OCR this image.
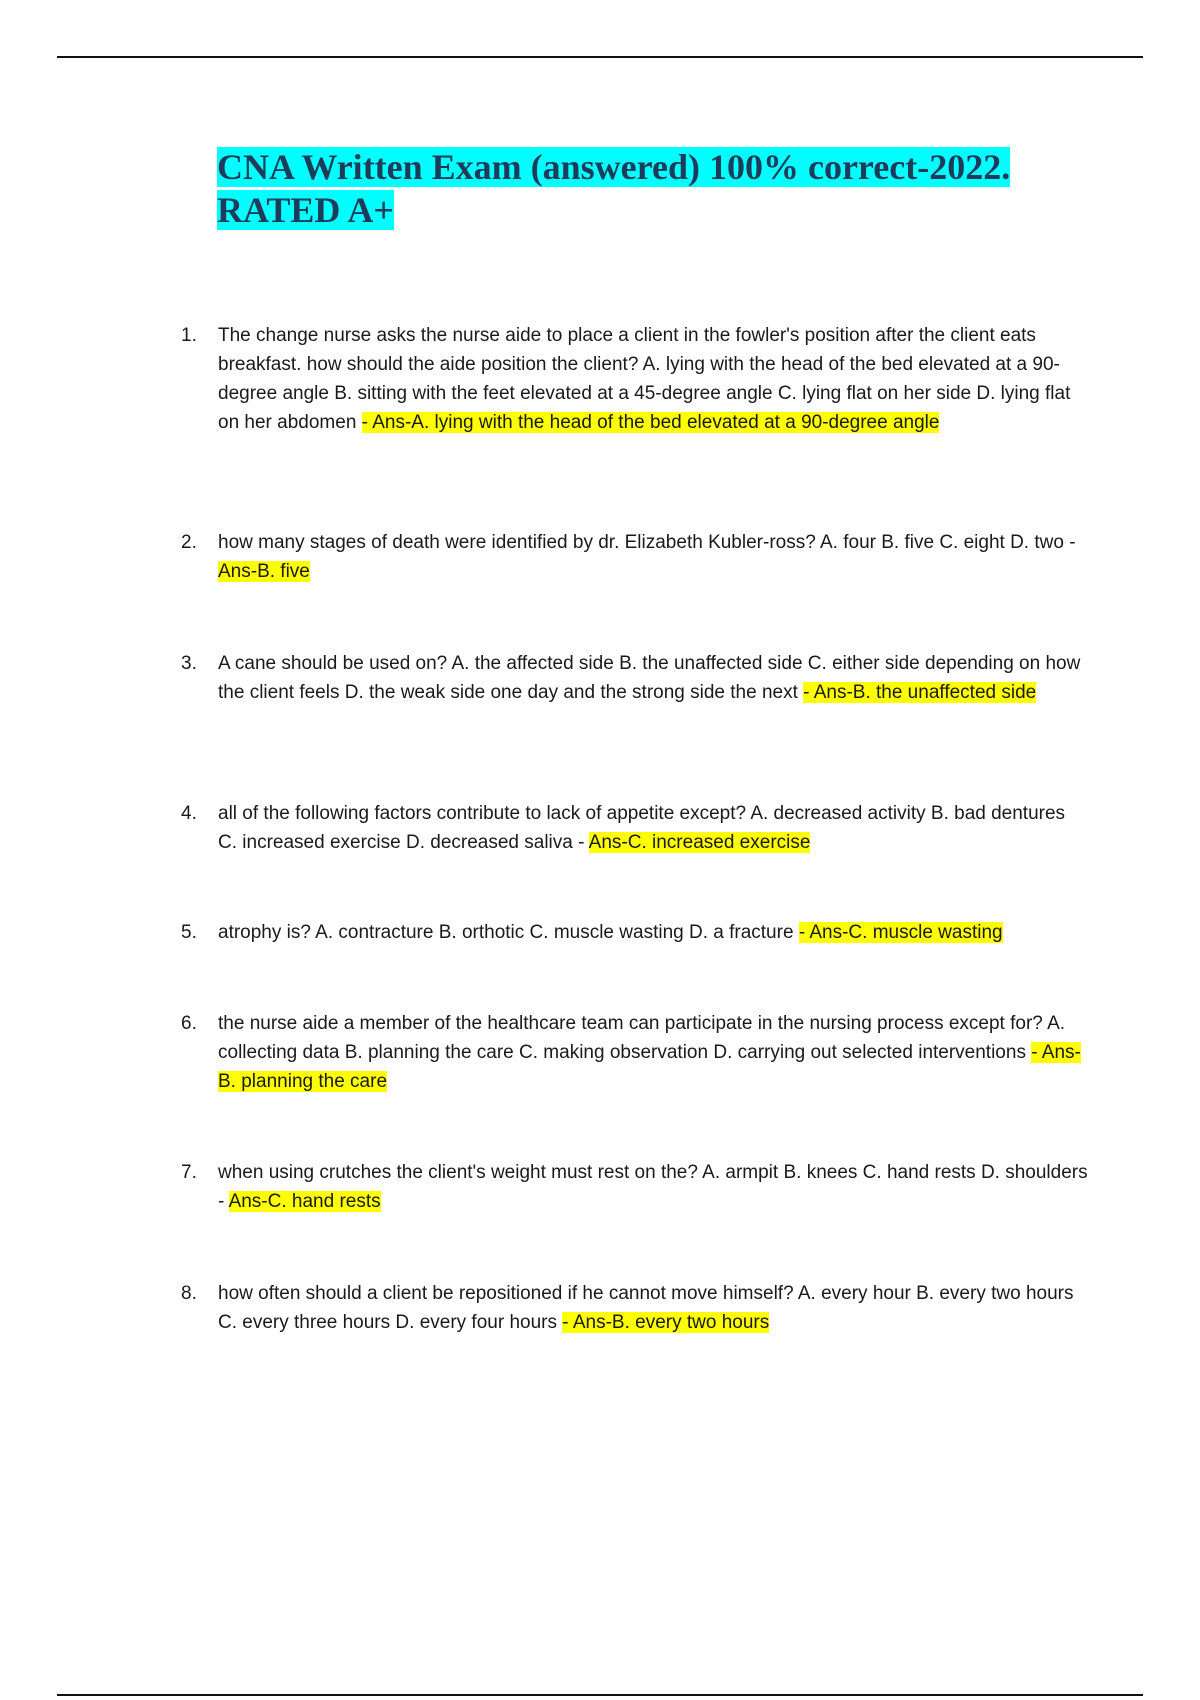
CNA Written Exam (answered) 100% correct-2022.
RATED A+
1.	The change nurse asks the nurse aide to place a client in the fowler's position after the client eats breakfast. how should the aide position the client? A. lying with the head of the bed elevated at a 90-degree angle B. sitting with the feet elevated at a 45-degree angle C. lying flat on her side D. lying flat on her abdomen - Ans-A. lying with the head of the bed elevated at a 90-degree angle
2.	how many stages of death were identified by dr. Elizabeth Kubler-ross? A. four B. five C. eight D. two - Ans-B. five
3.	A cane should be used on? A. the affected side B. the unaffected side C. either side depending on how the client feels D. the weak side one day and the strong side the next - Ans-B. the unaffected side
4.	all of the following factors contribute to lack of appetite except? A. decreased activity B. bad dentures C. increased exercise D. decreased saliva - Ans-C. increased exercise
5.	atrophy is? A. contracture B. orthotic C. muscle wasting D. a fracture - Ans-C. muscle wasting
6.	the nurse aide a member of the healthcare team can participate in the nursing process except for? A. collecting data B. planning the care C. making observation D. carrying out selected interventions - Ans-B. planning the care
7.	when using crutches the client's weight must rest on the? A. armpit B. knees C. hand rests D. shoulders - Ans-C. hand rests
8.	how often should a client be repositioned if he cannot move himself? A. every hour B. every two hours C. every three hours D. every four hours - Ans-B. every two hours
